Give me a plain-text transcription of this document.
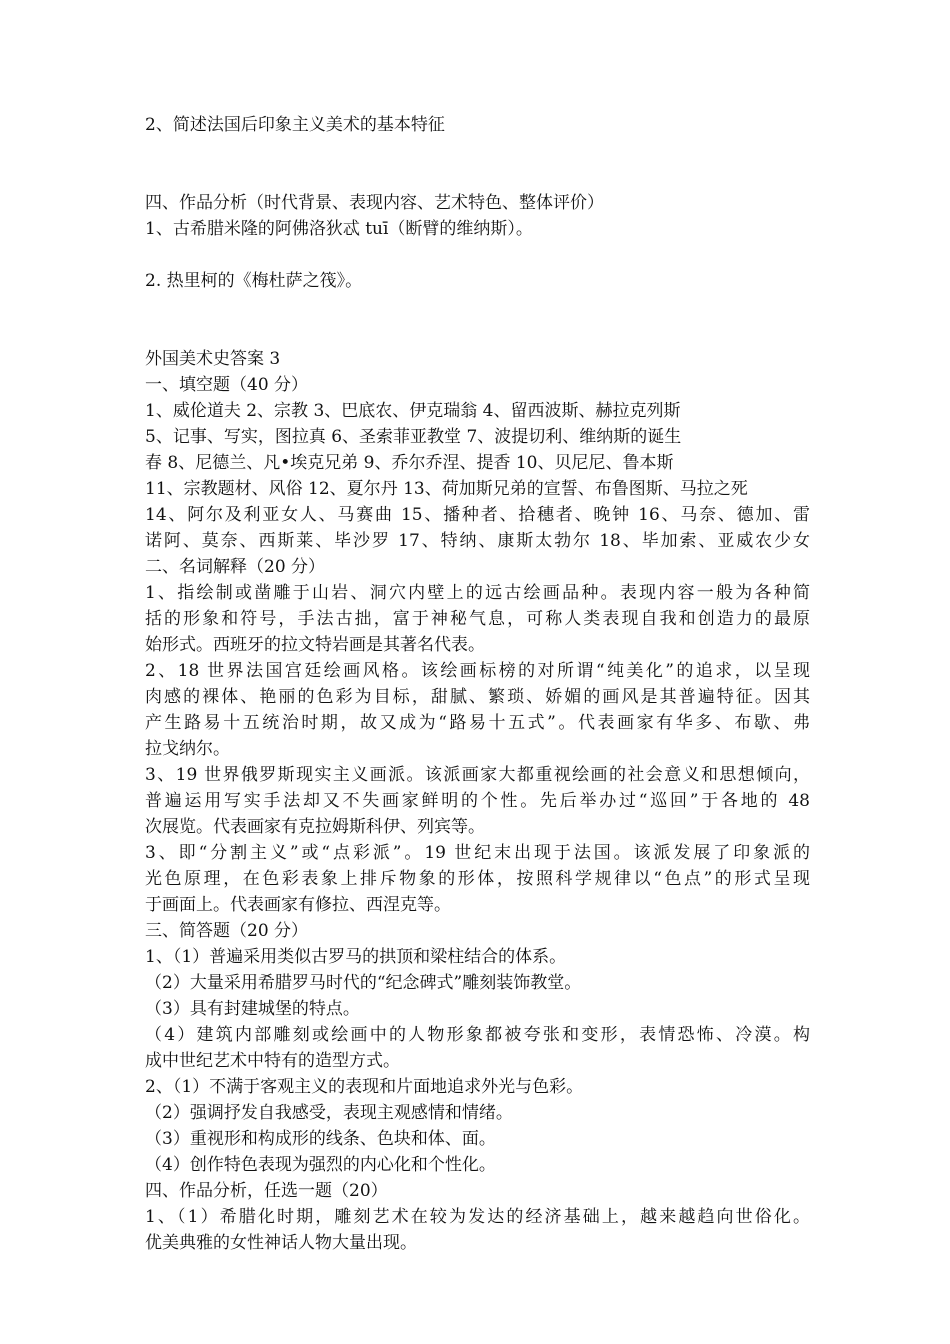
2、简述法国后印象主义美术的基本特征
四、作品分析（时代背景、表现内容、艺术特色、整体评价）
1、古希腊米隆的阿佛洛狄忒 tuī（断臂的维纳斯）。
2. 热里柯的《梅杜萨之筏》。
外国美术史答案 3
一、填空题（40 分）
1、威伦道夫 2、宗教 3、巴底农、伊克瑞翁 4、留西波斯、赫拉克列斯
5、记事、写实，图拉真 6、圣索菲亚教堂 7、波提切利、维纳斯的诞生
春 8、尼德兰、凡•埃克兄弟 9、乔尔乔涅、提香 10、贝尼尼、鲁本斯
11、宗教题材、风俗 12、夏尔丹 13、荷加斯兄弟的宣誓、布鲁图斯、马拉之死
14、阿尔及利亚女人、马赛曲 15、播种者、拾穗者、晚钟 16、马奈、德加、雷
诺阿、莫奈、西斯莱、毕沙罗 17、特纳、康斯太勃尔 18、毕加索、亚威农少女
二、名词解释（20 分）
1、指绘制或凿雕于山岩、洞穴内壁上的远古绘画品种。表现内容一般为各种简
括的形象和符号，手法古拙，富于神秘气息，可称人类表现自我和创造力的最原
始形式。西班牙的拉文特岩画是其著名代表。
2、18 世界法国宫廷绘画风格。该绘画标榜的对所谓“纯美化”的追求，以呈现
肉感的裸体、艳丽的色彩为目标，甜腻、繁琐、娇媚的画风是其普遍特征。因其
产生路易十五统治时期，故又成为“路易十五式”。代表画家有华多、布歇、弗
拉戈纳尔。
3、19 世界俄罗斯现实主义画派。该派画家大都重视绘画的社会意义和思想倾向，
普遍运用写实手法却又不失画家鲜明的个性。先后举办过“巡回”于各地的 48
次展览。代表画家有克拉姆斯科伊、列宾等。
3、即“分割主义”或“点彩派”。19 世纪末出现于法国。该派发展了印象派的
光色原理，在色彩表象上排斥物象的形体，按照科学规律以“色点”的形式呈现
于画面上。代表画家有修拉、西涅克等。
三、简答题（20 分）
1、（1）普遍采用类似古罗马的拱顶和梁柱结合的体系。
（2）大量采用希腊罗马时代的“纪念碑式”雕刻装饰教堂。
（3）具有封建城堡的特点。
（4）建筑内部雕刻或绘画中的人物形象都被夸张和变形，表情恐怖、冷漠。构
成中世纪艺术中特有的造型方式。
2、（1）不满于客观主义的表现和片面地追求外光与色彩。
（2）强调抒发自我感受，表现主观感情和情绪。
（3）重视形和构成形的线条、色块和体、面。
（4）创作特色表现为强烈的内心化和个性化。
四、作品分析，任选一题（20）
1、（1）希腊化时期，雕刻艺术在较为发达的经济基础上，越来越趋向世俗化。
优美典雅的女性神话人物大量出现。
